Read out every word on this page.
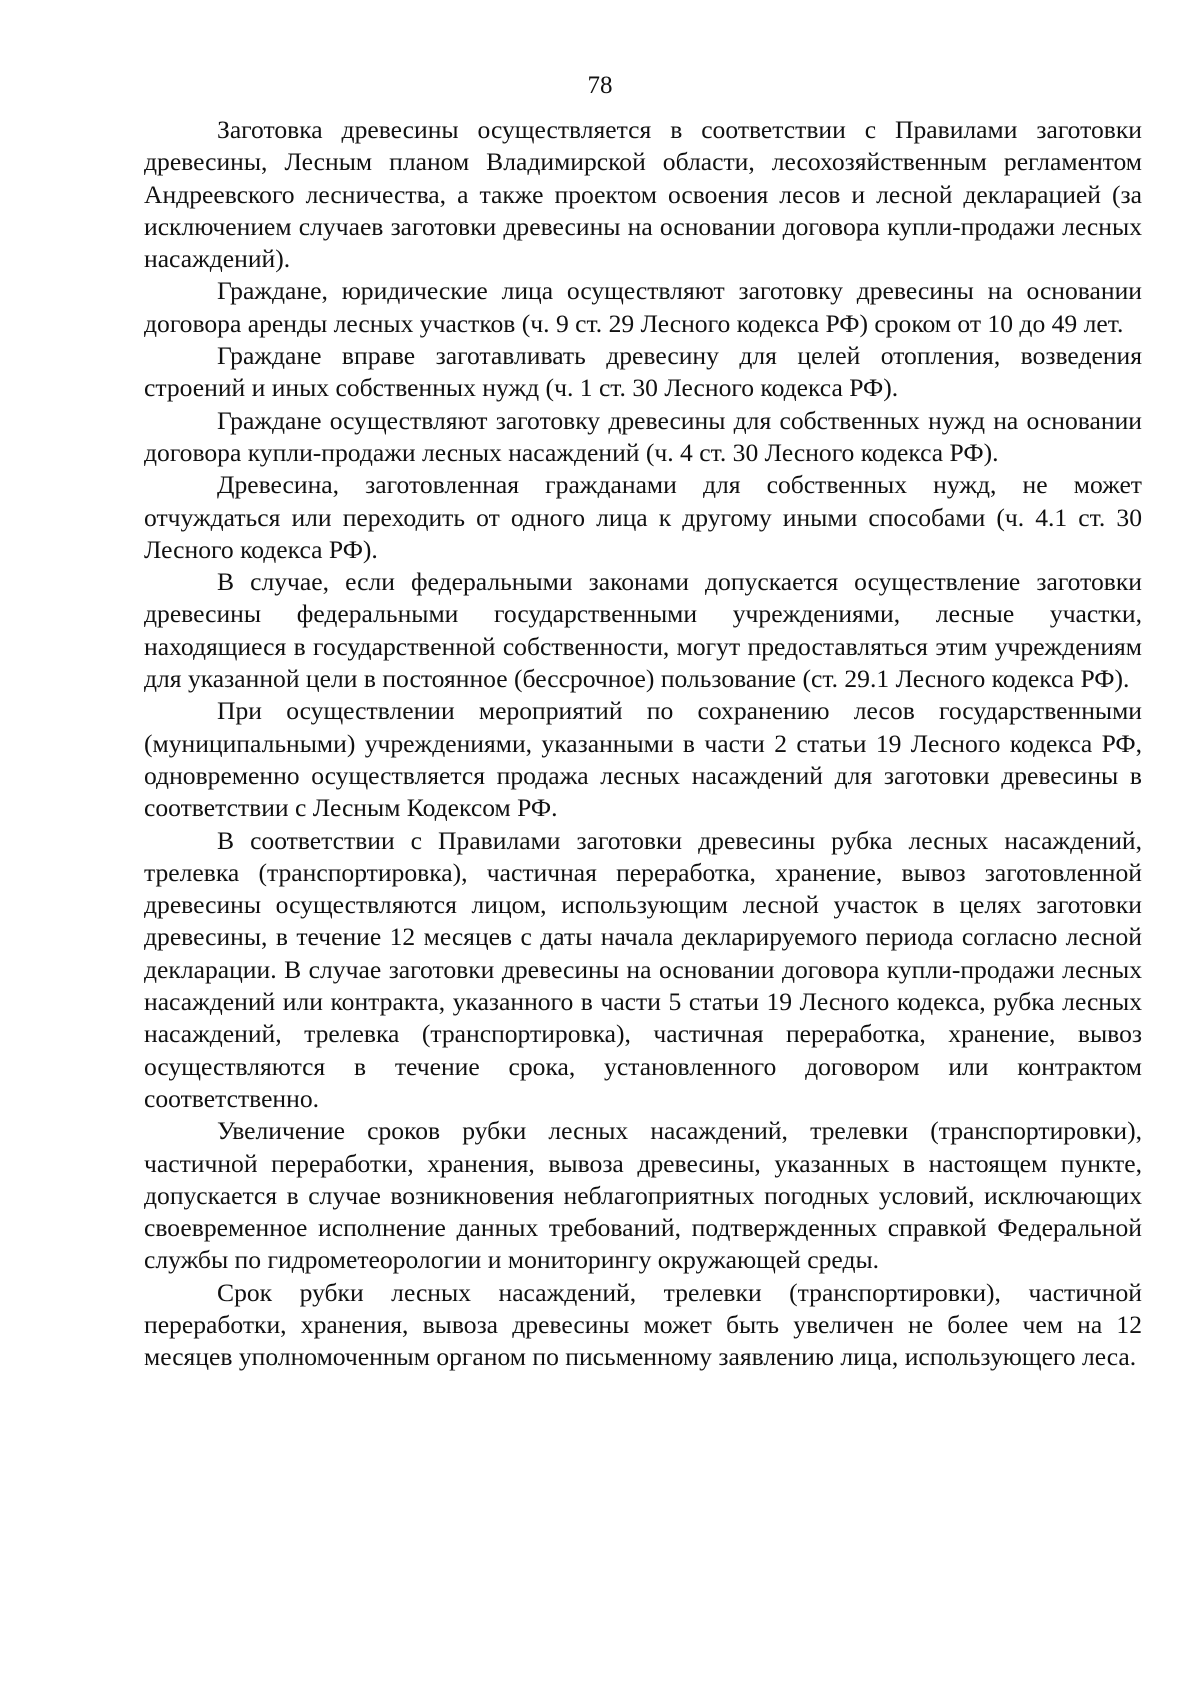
78

Заготовка древесины осуществляется в соответствии с Правилами заготовки древесины, Лесным планом Владимирской области, лесохозяйственным регламентом Андреевского лесничества, а также проектом освоения лесов и лесной декларацией (за исключением случаев заготовки древесины на основании договора купли-продажи лесных насаждений).

Граждане, юридические лица осуществляют заготовку древесины на основании договора аренды лесных участков (ч. 9 ст. 29 Лесного кодекса РФ) сроком от 10 до 49 лет.

Граждане вправе заготавливать древесину для целей отопления, возведения строений и иных собственных нужд (ч. 1 ст. 30 Лесного кодекса РФ).

Граждане осуществляют заготовку древесины для собственных нужд на основании договора купли-продажи лесных насаждений (ч. 4 ст. 30 Лесного кодекса РФ).

Древесина, заготовленная гражданами для собственных нужд, не может отчуждаться или переходить от одного лица к другому иными способами (ч. 4.1 ст. 30 Лесного кодекса РФ).

В случае, если федеральными законами допускается осуществление заготовки древесины федеральными государственными учреждениями, лесные участки, находящиеся в государственной собственности, могут предоставляться этим учреждениям для указанной цели в постоянное (бессрочное) пользование (ст. 29.1 Лесного кодекса РФ).

При осуществлении мероприятий по сохранению лесов государственными (муниципальными) учреждениями, указанными в части 2 статьи 19 Лесного кодекса РФ, одновременно осуществляется продажа лесных насаждений для заготовки древесины в соответствии с Лесным Кодексом РФ.

В соответствии с Правилами заготовки древесины рубка лесных насаждений, трелевка (транспортировка), частичная переработка, хранение, вывоз заготовленной древесины осуществляются лицом, использующим лесной участок в целях заготовки древесины, в течение 12 месяцев с даты начала декларируемого периода согласно лесной декларации. В случае заготовки древесины на основании договора купли-продажи лесных насаждений или контракта, указанного в части 5 статьи 19 Лесного кодекса, рубка лесных насаждений, трелевка (транспортировка), частичная переработка, хранение, вывоз осуществляются в течение срока, установленного договором или контрактом соответственно.

Увеличение сроков рубки лесных насаждений, трелевки (транспортировки), частичной переработки, хранения, вывоза древесины, указанных в настоящем пункте, допускается в случае возникновения неблагоприятных погодных условий, исключающих своевременное исполнение данных требований, подтвержденных справкой Федеральной службы по гидрометеорологии и мониторингу окружающей среды.

Срок рубки лесных насаждений, трелевки (транспортировки), частичной переработки, хранения, вывоза древесины может быть увеличен не более чем на 12 месяцев уполномоченным органом по письменному заявлению лица, использующего леса.
